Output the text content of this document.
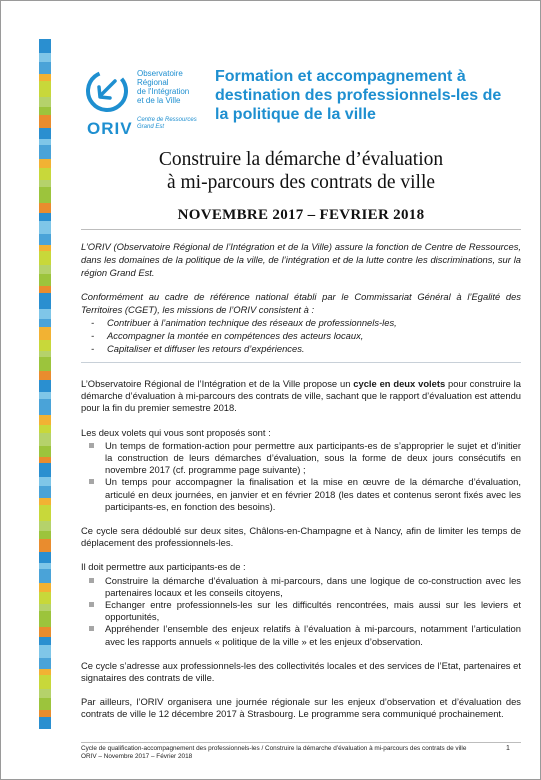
Observatoire
Régional
de l'Intégration
et de la Ville
ORIV Centre de Ressources
Grand Est
Formation et accompagnement à destination des professionnels-les de la politique de la ville
Construire la démarche d’évaluation
à mi-parcours des contrats de ville
NOVEMBRE 2017 – FEVRIER 2018

L’ORIV (Observatoire Régional de l’Intégration et de la Ville) assure la fonction de Centre de Ressources, dans les domaines de la politique de la ville, de l’intégration et de la lutte contre les discriminations, sur la région Grand Est.

Conformément au cadre de référence national établi par le Commissariat Général à l’Egalité des Territoires (CGET), les missions de l’ORIV consistent à :

- Contribuer à l’animation technique des réseaux de professionnels-les,
- Accompagner la montée en compétences des acteurs locaux,
- Capitaliser et diffuser les retours d’expériences.

L’Observatoire Régional de l’Intégration et de la Ville propose un cycle en deux volets pour construire la démarche d’évaluation à mi-parcours des contrats de ville, sachant que le rapport d’évaluation est attendu pour la fin du premier semestre 2018.

Les deux volets qui vous sont proposés sont :

Un temps de formation-action pour permettre aux participants-es de s’approprier le sujet et d’initier la construction de leurs démarches d’évaluation, sous la forme de deux jours consécutifs en novembre 2017 (cf. programme page suivante) ;
Un temps pour accompagner la finalisation et la mise en œuvre de la démarche d’évaluation, articulé en deux journées, en janvier et en février 2018 (les dates et contenus seront fixés avec les participants-es, en fonction des besoins).

Ce cycle sera dédoublé sur deux sites, Châlons-en-Champagne et à Nancy, afin de limiter les temps de déplacement des professionnels-les.

Il doit permettre aux participants-es de :

Construire la démarche d’évaluation à mi-parcours, dans une logique de co-construction avec les partenaires locaux et les conseils citoyens,
Echanger entre professionnels-les sur les difficultés rencontrées, mais aussi sur les leviers et opportunités,
Appréhender l’ensemble des enjeux relatifs à l’évaluation à mi-parcours, notamment l’articulation avec les rapports annuels « politique de la ville » et les enjeux d’observation.

Ce cycle s’adresse aux professionnels-les des collectivités locales et des services de l’Etat, partenaires et signataires des contrats de ville.

Par ailleurs, l’ORIV organisera une journée régionale sur les enjeux d’observation et d’évaluation des contrats de ville le 12 décembre 2017 à Strasbourg. Le programme sera communiqué prochainement.

Cycle de qualification-accompagnement des professionnels-les / Construire la démarche d’évaluation à mi-parcours des contrats de ville
ORIV – Novembre 2017 – Février 2018
1
